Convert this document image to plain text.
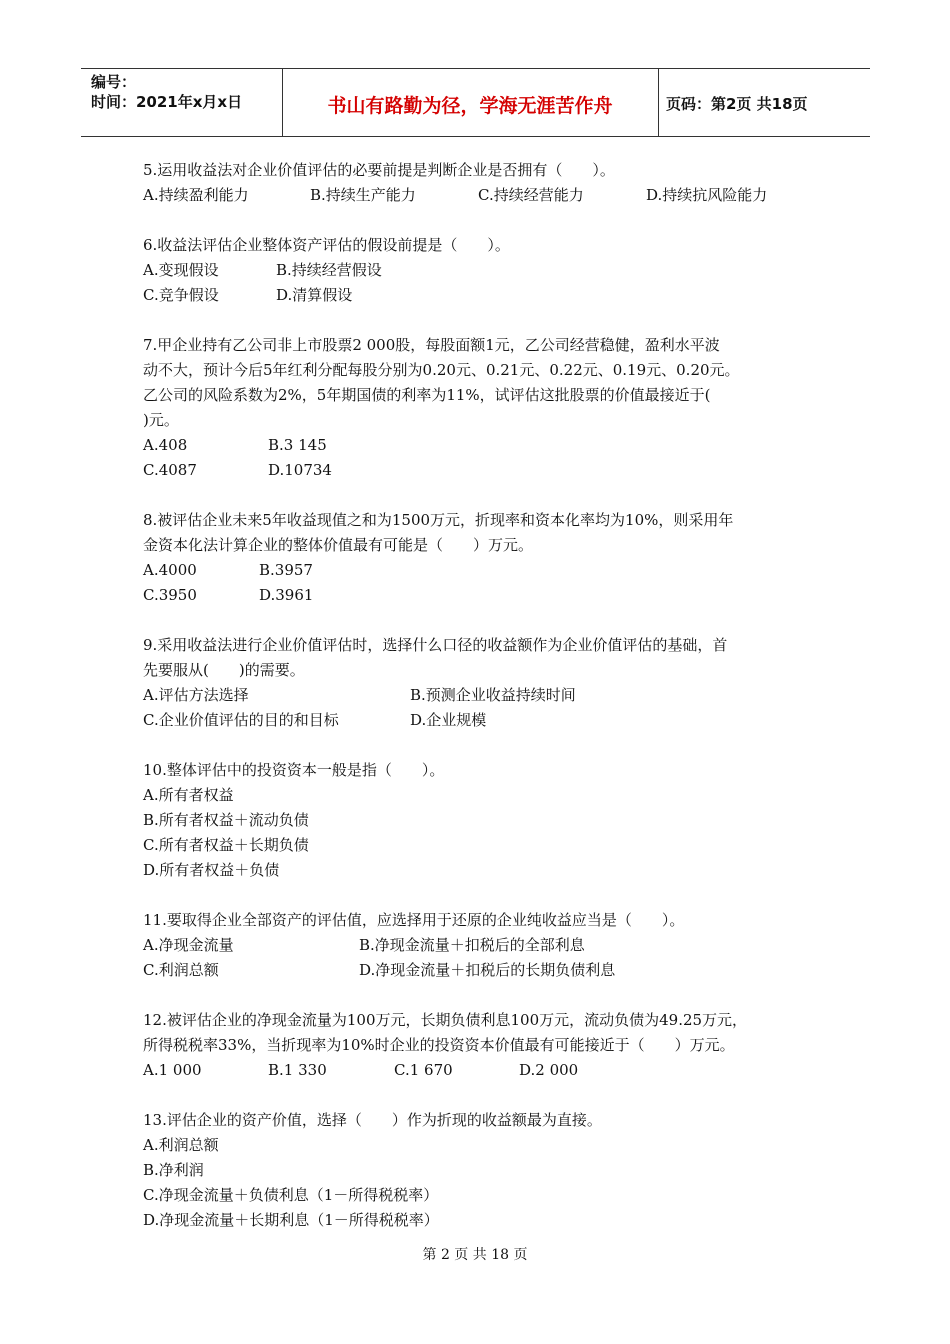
编号：
时间：2021年x月x日	书山有路勤为径，学海无涯苦作舟	页码：第2页 共18页
5.运用收益法对企业价值评估的必要前提是判断企业是否拥有（　　）。
A.持续盈利能力	B.持续生产能力	C.持续经营能力	D.持续抗风险能力
6.收益法评估企业整体资产评估的假设前提是（　　）。
A.变现假设	B.持续经营假设
C.竞争假设	D.清算假设
7.甲企业持有乙公司非上市股票2 000股，每股面额1元，乙公司经营稳健，盈利水平波
动不大，预计今后5年红利分配每股分别为0.20元、0.21元、0.22元、0.19元、0.20元。
乙公司的风险系数为2%，5年期国债的利率为11%，试评估这批股票的价值最接近于(
)元。
A.408	B.3 145
C.4087	D.10734
8.被评估企业未来5年收益现值之和为1500万元，折现率和资本化率均为10%，则采用年
金资本化法计算企业的整体价值最有可能是（　　）万元。
A.4000	B.3957
C.3950	D.3961
9.采用收益法进行企业价值评估时，选择什么口径的收益额作为企业价值评估的基础，首
先要服从(　　)的需要。
A.评估方法选择	B.预测企业收益持续时间
C.企业价值评估的目的和目标	D.企业规模
10.整体评估中的投资资本一般是指（　　）。
A.所有者权益
B.所有者权益＋流动负债
C.所有者权益＋长期负债
D.所有者权益＋负债
11.要取得企业全部资产的评估值，应选择用于还原的企业纯收益应当是（　　）。
A.净现金流量	B.净现金流量＋扣税后的全部利息
C.利润总额	D.净现金流量＋扣税后的长期负债利息
12.被评估企业的净现金流量为100万元，长期负债利息100万元，流动负债为49.25万元，
所得税税率33%，当折现率为10%时企业的投资资本价值最有可能接近于（　　）万元。
A.1 000	B.1 330	C.1 670	D.2 000
13.评估企业的资产价值，选择（　　）作为折现的收益额最为直接。
A.利润总额
B.净利润
C.净现金流量＋负债利息（1－所得税税率）
D.净现金流量＋长期利息（1－所得税税率）
第 2 页 共 18 页
